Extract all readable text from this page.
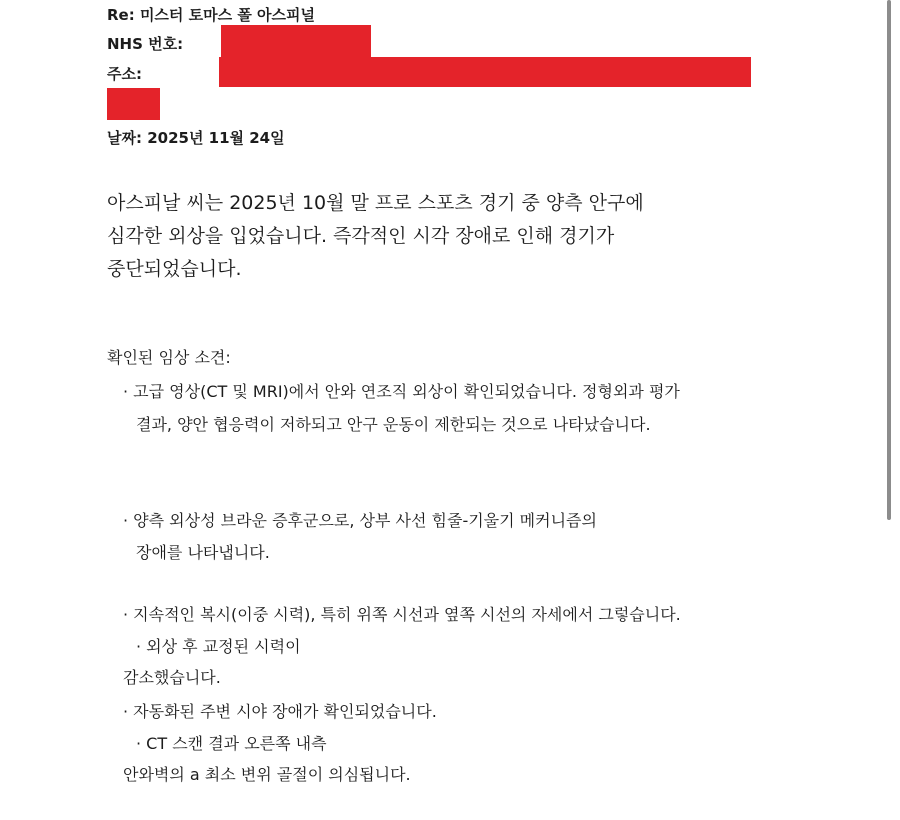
Re: 미스터 토마스 폴 아스피널
NHS 번호:
주소:
날짜: 2025년 11월 24일
아스피날 씨는 2025년 10월 말 프로 스포츠 경기 중 양측 안구에
심각한 외상을 입었습니다. 즉각적인 시각 장애로 인해 경기가
중단되었습니다.
확인된 임상 소견:
· 고급 영상(CT 및 MRI)에서 안와 연조직 외상이 확인되었습니다. 정형외과 평가
결과, 양안 협응력이 저하되고 안구 운동이 제한되는 것으로 나타났습니다.
· 양측 외상성 브라운 증후군으로, 상부 사선 힘줄-기울기 메커니즘의
장애를 나타냅니다.
· 지속적인 복시(이중 시력), 특히 위쪽 시선과 옆쪽 시선의 자세에서 그렇습니다.
· 외상 후 교정된 시력이
감소했습니다.
· 자동화된 주변 시야 장애가 확인되었습니다.
· CT 스캔 결과 오른쪽 내측
안와벽의 a 최소 변위 골절이 의심됩니다.
